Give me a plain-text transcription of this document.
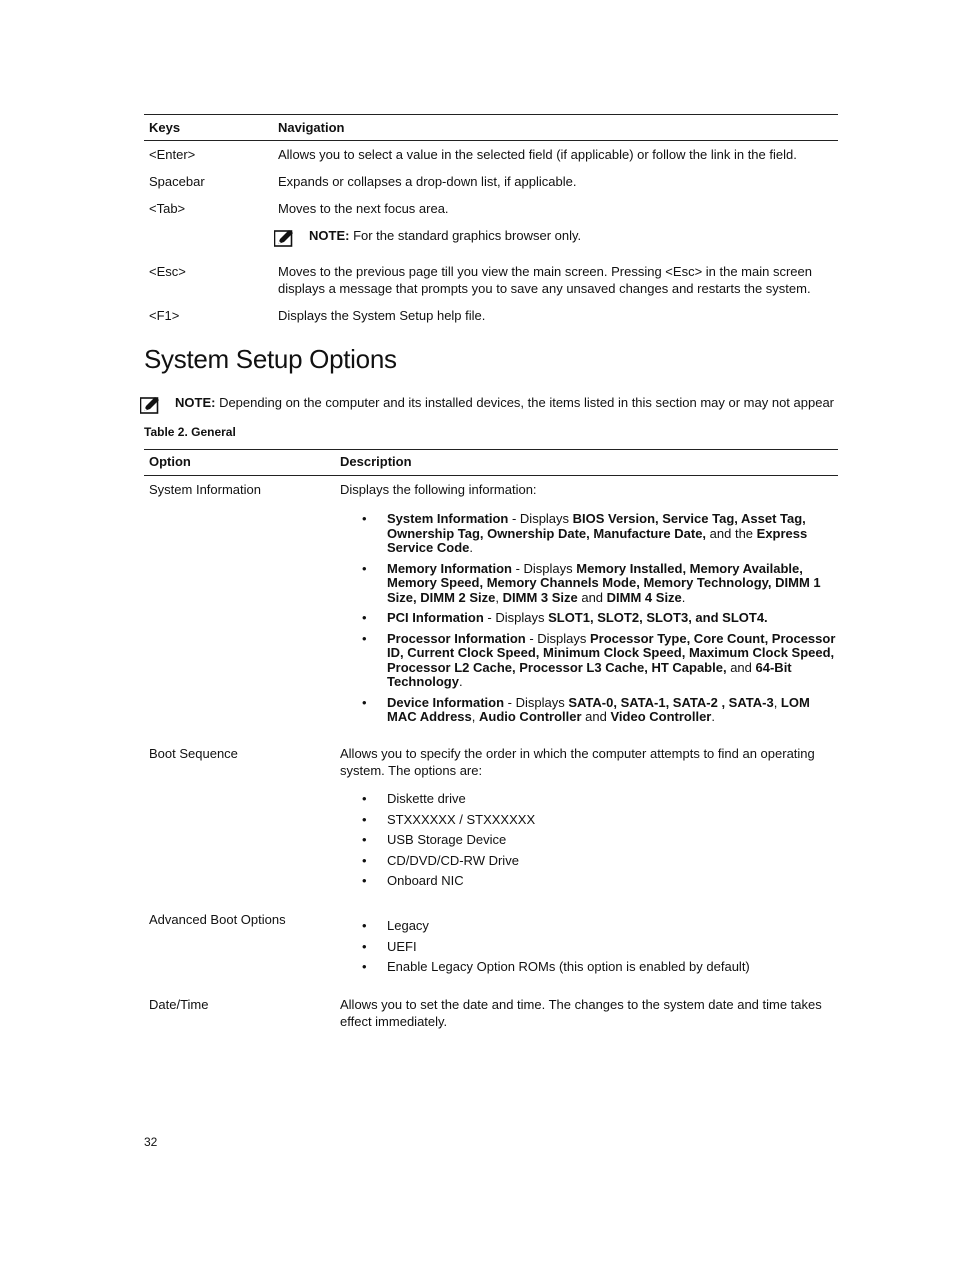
Keys	Navigation
<Enter>	Allows you to select a value in the selected field (if applicable) or follow the link in the field.
Spacebar	Expands or collapses a drop-down list, if applicable.
<Tab>	Moves to the next focus area.
NOTE: For the standard graphics browser only.
<Esc>	Moves to the previous page till you view the main screen. Pressing <Esc> in the main screen displays a message that prompts you to save any unsaved changes and restarts the system.
<F1>	Displays the System Setup help file.
System Setup Options
NOTE: Depending on the computer and its installed devices, the items listed in this section may or may not appear
Table 2. General
Option	Description
System Information	Displays the following information:
• System Information - Displays BIOS Version, Service Tag, Asset Tag, Ownership Tag, Ownership Date, Manufacture Date, and the Express Service Code.
• Memory Information - Displays Memory Installed, Memory Available, Memory Speed, Memory Channels Mode, Memory Technology, DIMM 1 Size, DIMM 2 Size, DIMM 3 Size and DIMM 4 Size.
• PCI Information - Displays SLOT1, SLOT2, SLOT3, and SLOT4.
• Processor Information - Displays Processor Type, Core Count, Processor ID, Current Clock Speed, Minimum Clock Speed, Maximum Clock Speed, Processor L2 Cache, Processor L3 Cache, HT Capable, and 64-Bit Technology.
• Device Information - Displays SATA-0, SATA-1, SATA-2 , SATA-3, LOM MAC Address, Audio Controller and Video Controller.
Boot Sequence	Allows you to specify the order in which the computer attempts to find an operating system. The options are:
• Diskette drive
• STXXXXXX / STXXXXXX
• USB Storage Device
• CD/DVD/CD-RW Drive
• Onboard NIC
Advanced Boot Options
•	Legacy
• UEFI
• Enable Legacy Option ROMs (this option is enabled by default)
Date/Time	Allows you to set the date and time. The changes to the system date and time takes effect immediately.
32
